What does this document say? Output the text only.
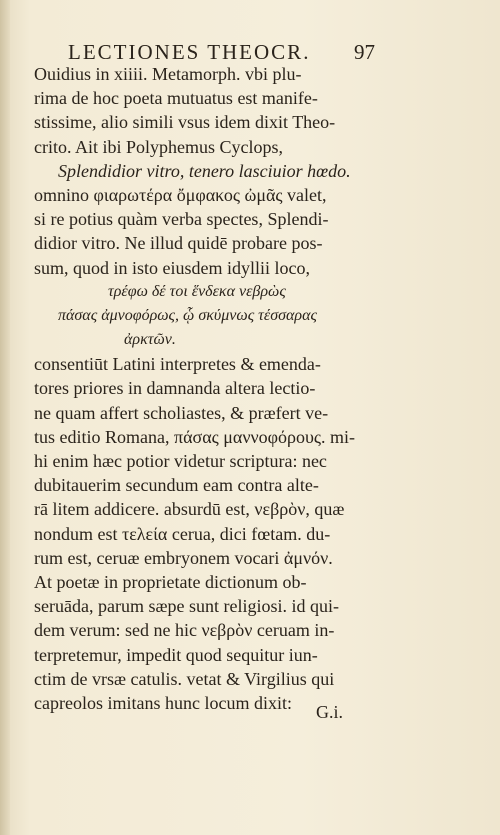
LECTIONES THEOCR. 97
Ouidius in xiiii. Metamorph. vbi plu-
rima de hoc poeta mutuatus est manife-
stissime, alio simili vsus idem dixit Theo-
crito. Ait ibi Polyphemus Cyclops,
Splendidior vitro, tenero lasciuior hœdo.
omnino φιαρωτέρα ὄμφακος ὠμᾶς valet,
si re potius quàm verba spectes, Splendi-
didior vitro. Ne illud quidē probare pos-
sum, quod in isto eiusdem idyllii loco,
τρέφω δέ τοι ἕνδεκα νεβρὼς
πάσας ἀμνοφόρως, ᾧ σκύμνως τέσσαρας
ἀρκτῶν.
consentiūt Latini interpretes & emenda-
tores priores in damnanda altera lectio-
ne quam affert scholiastes, & præfert ve-
tus editio Romana, πάσας μαννοφόρους. mi-
hi enim hæc potior videtur scriptura: nec
dubitauerim secundum eam contra alte-
rā litem addicere. absurdū est, νεβρὸν, quæ
nondum est τελεία cerua, dici fœtam. du-
rum est, ceruæ embryonem vocari ἀμνόν.
At poetæ in proprietate dictionum ob-
seruāda, parum sæpe sunt religiosi. id qui-
dem verum: sed ne hic νεβρὸν ceruam in-
terpretemur, impedit quod sequitur iun-
ctim de vrsæ catulis. vetat & Virgilius qui
capreolos imitans hunc locum dixit:	G.i.
